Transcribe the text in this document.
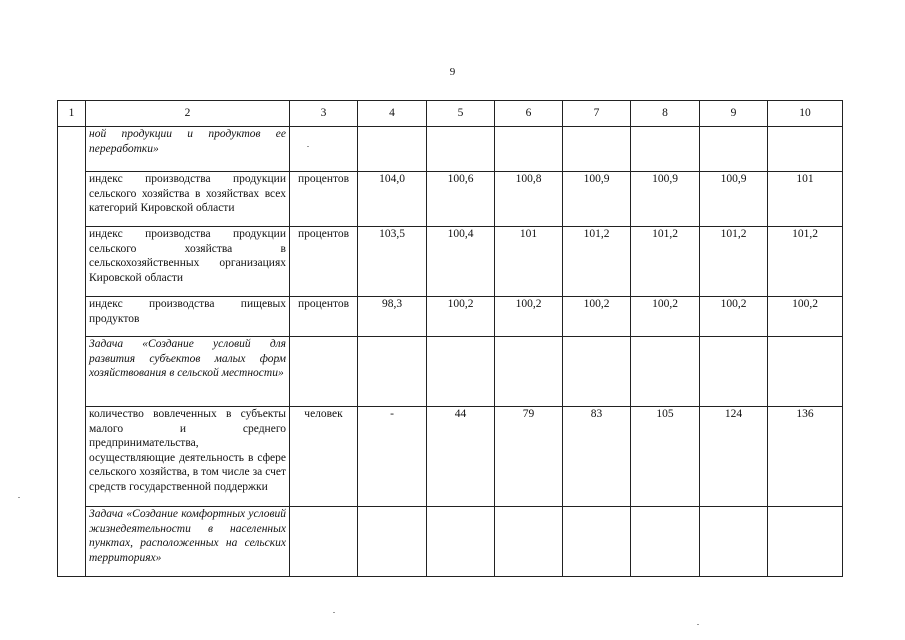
9
1	2	3	4	5	6	7	8	9	10
	ной продукции и продуктов ее переработки»								
	индекс производства продукции сельского хозяйства в хозяйствах всех категорий Кировской области	процентов	104,0	100,6	100,8	100,9	100,9	100,9	101
	индекс производства продукции сельского хозяйства в сельскохозяйственных организациях Кировской области	процентов	103,5	100,4	101	101,2	101,2	101,2	101,2
	индекс производства пищевых продуктов	процентов	98,3	100,2	100,2	100,2	100,2	100,2	100,2
	Задача «Создание условий для развития субъектов малых форм хозяйствования в сельской местности»								
	количество вовлеченных в субъекты малого и среднего предпринимательства, осуществляющие деятельность в сфере сельского хозяйства, в том числе за счет средств государственной поддержки	человек	-	44	79	83	105	124	136
	Задача «Создание комфортных условий жизнедеятельности в населенных пунктах, расположенных на сельских территориях»								
